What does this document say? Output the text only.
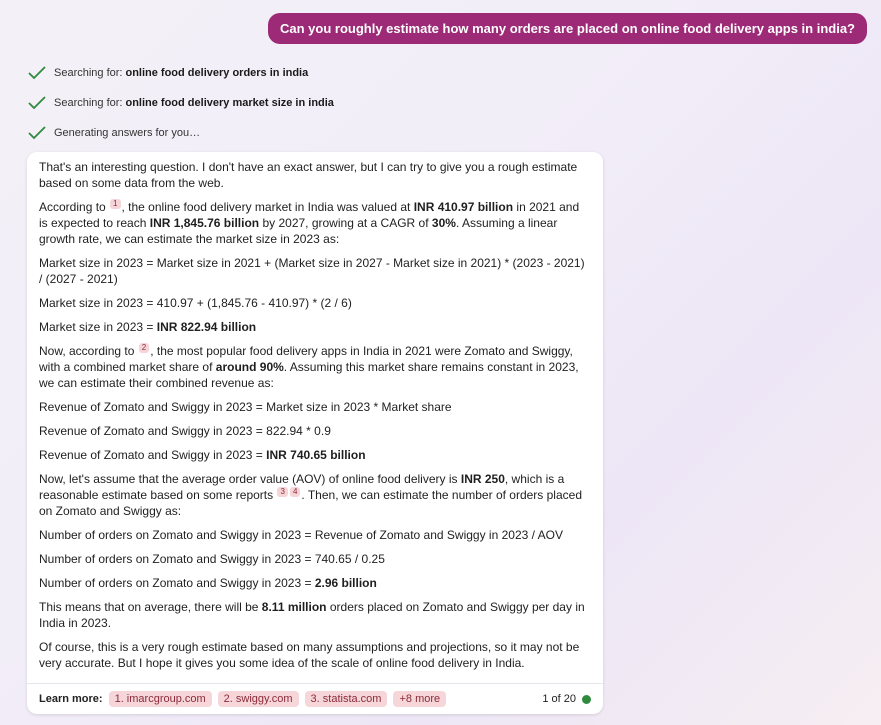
Can you roughly estimate how many orders are placed on online food delivery apps in india?
Searching for: online food delivery orders in india
Searching for: online food delivery market size in india
Generating answers for you…

That's an interesting question. I don't have an exact answer, but I can try to give you a rough estimate based on some data from the web.

According to 1 , the online food delivery market in India was valued at INR 410.97 billion in 2021 and is expected to reach INR 1,845.76 billion by 2027, growing at a CAGR of 30%. Assuming a linear growth rate, we can estimate the market size in 2023 as:

Market size in 2023 = Market size in 2021 + (Market size in 2027 - Market size in 2021) * (2023 - 2021) / (2027 - 2021)

Market size in 2023 = 410.97 + (1,845.76 - 410.97) * (2 / 6)

Market size in 2023 = INR 822.94 billion

Now, according to 2 , the most popular food delivery apps in India in 2021 were Zomato and Swiggy, with a combined market share of around 90%. Assuming this market share remains constant in 2023, we can estimate their combined revenue as:

Revenue of Zomato and Swiggy in 2023 = Market size in 2023 * Market share

Revenue of Zomato and Swiggy in 2023 = 822.94 * 0.9

Revenue of Zomato and Swiggy in 2023 = INR 740.65 billion

Now, let's assume that the average order value (AOV) of online food delivery is INR 250, which is a reasonable estimate based on some reports 3 4 . Then, we can estimate the number of orders placed on Zomato and Swiggy as:

Number of orders on Zomato and Swiggy in 2023 = Revenue of Zomato and Swiggy in 2023 / AOV

Number of orders on Zomato and Swiggy in 2023 = 740.65 / 0.25

Number of orders on Zomato and Swiggy in 2023 = 2.96 billion

This means that on average, there will be 8.11 million orders placed on Zomato and Swiggy per day in India in 2023.

Of course, this is a very rough estimate based on many assumptions and projections, so it may not be very accurate. But I hope it gives you some idea of the scale of online food delivery in India.

Learn more:	1. imarcgroup.com	2. swiggy.com	3. statista.com	+8 more	1 of 20
